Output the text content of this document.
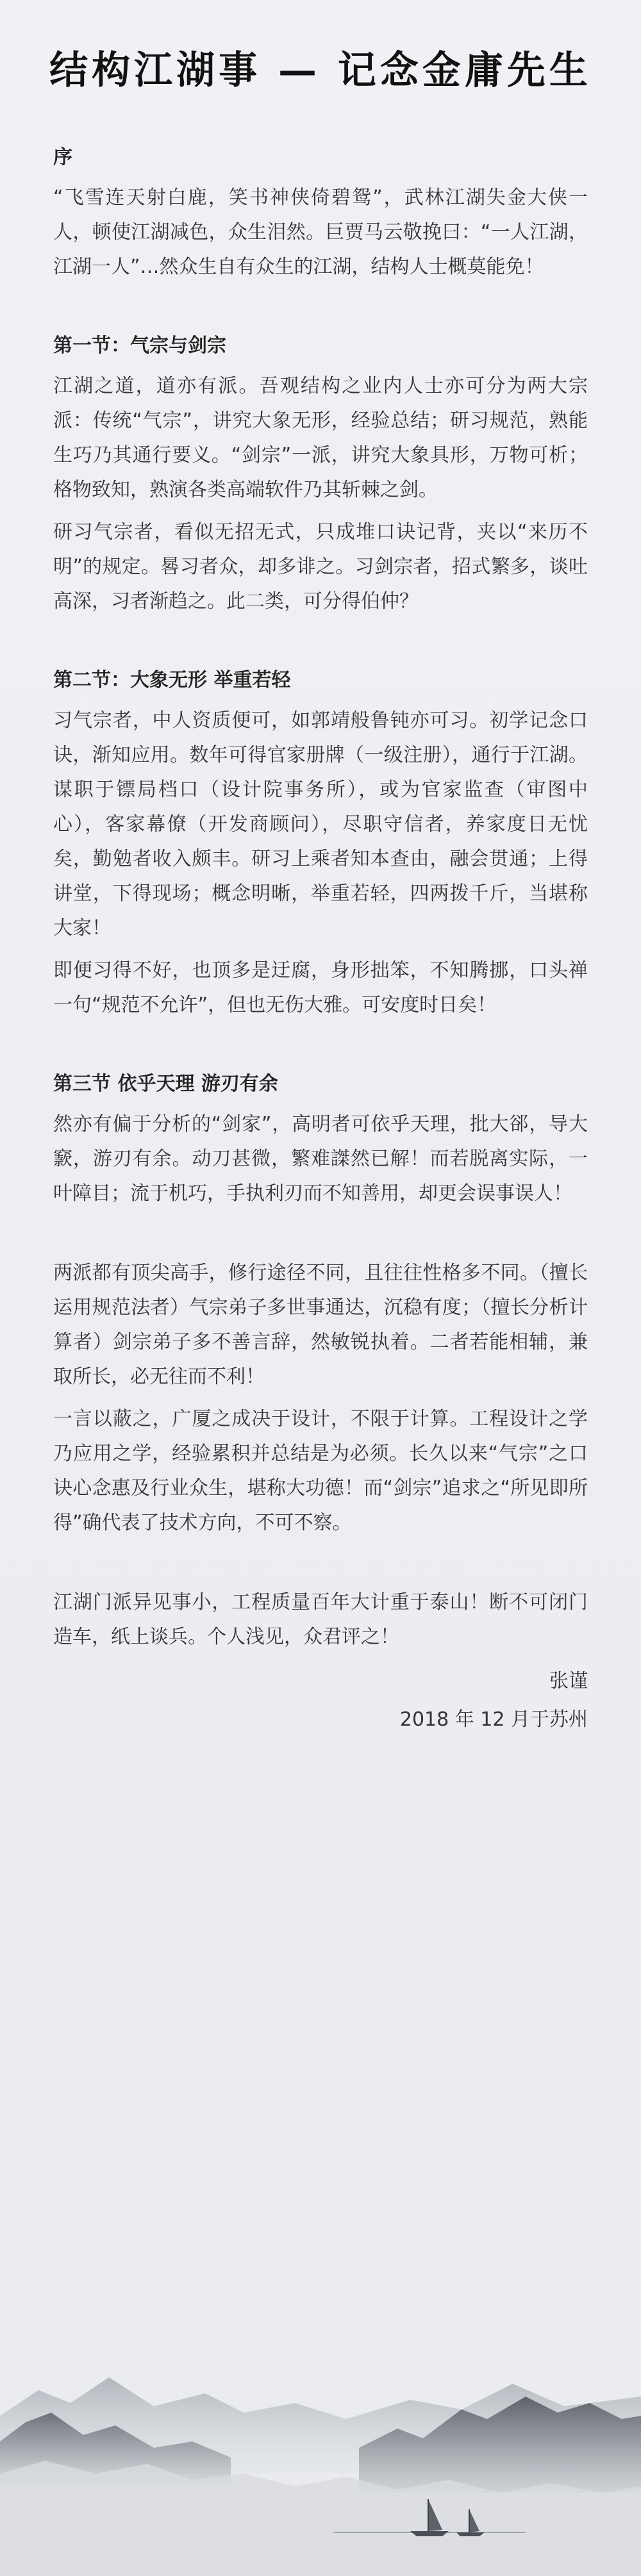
结构江湖事 — 记念金庸先生
序

“飞雪连天射白鹿，笑书神侠倚碧鸳”，武林江湖失金大侠一人，顿使江湖减色，众生泪然。巨贾马云敬挽曰：“一人江湖，江湖一人”…然众生自有众生的江湖，结构人士概莫能免！

第一节：气宗与剑宗

江湖之道，道亦有派。吾观结构之业内人士亦可分为两大宗派：传统“气宗”，讲究大象无形，经验总结；研习规范，熟能生巧乃其通行要义。“剑宗”一派，讲究大象具形，万物可析；格物致知，熟演各类高端软件乃其斩棘之剑。

研习气宗者，看似无招无式，只成堆口诀记背，夹以“来历不明”的规定。晷习者众，却多诽之。习剑宗者，招式繁多，谈吐高深，习者渐趋之。此二类，可分得伯仲？

第二节：大象无形 举重若轻

习气宗者，中人资质便可，如郭靖般鲁钝亦可习。初学记念口诀，渐知应用。数年可得官家册牌（一级注册），通行于江湖。谋职于镖局档口（设计院事务所），或为官家监查（审图中心），客家幕僚（开发商顾问），尽职守信者，养家度日无忧矣，勤勉者收入颇丰。研习上乘者知本查由，融会贯通；上得讲堂，下得现场；概念明晰，举重若轻，四两拨千斤，当堪称大家！

即便习得不好，也顶多是迂腐，身形拙笨，不知腾挪，口头禅一句“规范不允许”，但也无伤大雅。可安度时日矣！

第三节 依乎天理 游刃有余

然亦有偏于分析的“剑家”，高明者可依乎天理，批大郤，导大窾，游刃有余。动刀甚微，繁难謋然已解！而若脱离实际，一叶障目；流于机巧，手执利刃而不知善用，却更会误事误人！

两派都有顶尖高手，修行途径不同，且往往性格多不同。（擅长运用规范法者）气宗弟子多世事通达，沉稳有度；（擅长分析计算者）剑宗弟子多不善言辞，然敏锐执着。二者若能相辅，兼取所长，必无往而不利！

一言以蔽之，广厦之成决于设计，不限于计算。工程设计之学乃应用之学，经验累积并总结是为必须。长久以来“气宗”之口诀心念惠及行业众生，堪称大功德！而“剑宗”追求之“所见即所得”确代表了技术方向，不可不察。

江湖门派异见事小，工程质量百年大计重于泰山！断不可闭门造车，纸上谈兵。个人浅见，众君评之！

张谨
2018 年 12 月于苏州
